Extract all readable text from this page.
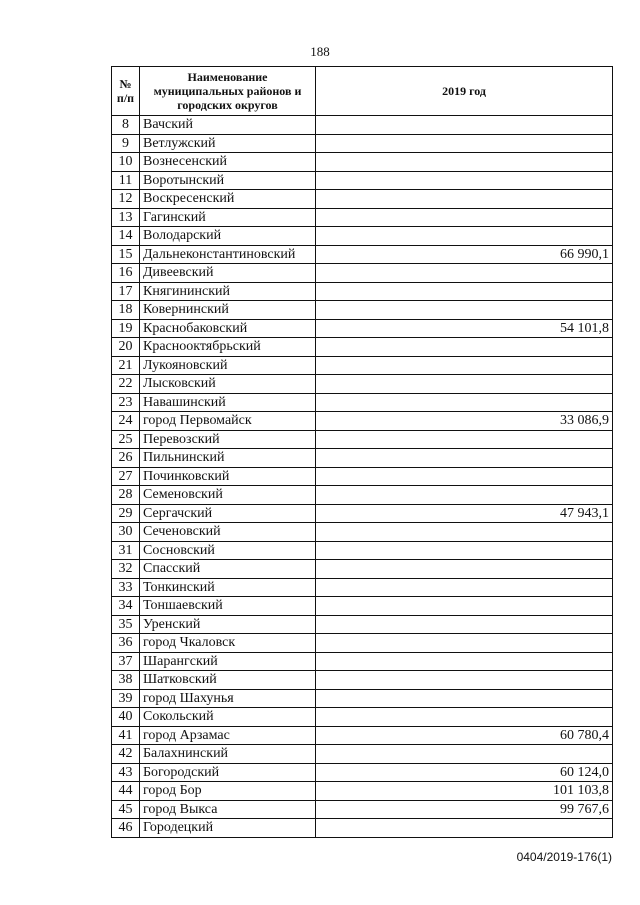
188
№ п/п	Наименование муниципальных районов и городских округов	2019 год
8	Вачский	
9	Ветлужский	
10	Вознесенский	
11	Воротынский	
12	Воскресенский	
13	Гагинский	
14	Володарский	
15	Дальнеконстантиновский	66 990,1
16	Дивеевский	
17	Княгининский	
18	Ковернинский	
19	Краснобаковский	54 101,8
20	Краснооктябрьский	
21	Лукояновский	
22	Лысковский	
23	Навашинский	
24	город Первомайск	33 086,9
25	Перевозский	
26	Пильнинский	
27	Починковский	
28	Семеновский	
29	Сергачский	47 943,1
30	Сеченовский	
31	Сосновский	
32	Спасский	
33	Тонкинский	
34	Тоншаевский	
35	Уренский	
36	город Чкаловск	
37	Шарангский	
38	Шатковский	
39	город Шахунья	
40	Сокольский	
41	город Арзамас	60 780,4
42	Балахнинский	
43	Богородский	60 124,0
44	город Бор	101 103,8
45	город Выкса	99 767,6
46	Городецкий	
0404/2019-176(1)
